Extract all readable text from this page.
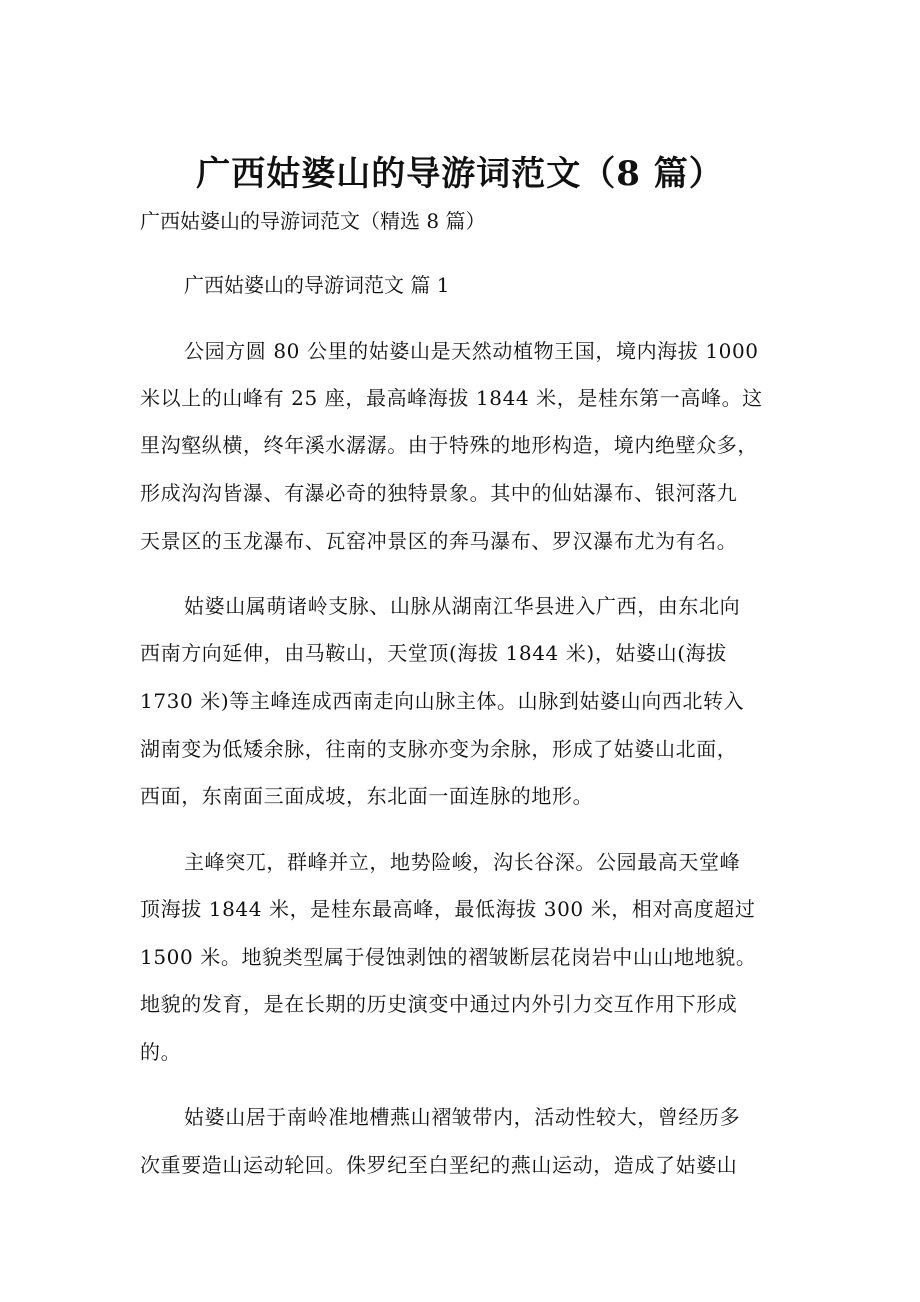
广西姑婆山的导游词范文（8 篇）

广西姑婆山的导游词范文（精选 8 篇）

广西姑婆山的导游词范文 篇 1

公园方圆 80 公里的姑婆山是天然动植物王国，境内海拔 1000

米以上的山峰有 25 座，最高峰海拔 1844 米，是桂东第一高峰。这

里沟壑纵横，终年溪水潺潺。由于特殊的地形构造，境内绝壁众多，

形成沟沟皆瀑、有瀑必奇的独特景象。其中的仙姑瀑布、银河落九

天景区的玉龙瀑布、瓦窑冲景区的奔马瀑布、罗汉瀑布尤为有名。

姑婆山属萌诸岭支脉、山脉从湖南江华县进入广西，由东北向

西南方向延伸，由马鞍山，天堂顶(海拔 1844 米)，姑婆山(海拔

1730 米)等主峰连成西南走向山脉主体。山脉到姑婆山向西北转入

湖南变为低矮余脉，往南的支脉亦变为余脉，形成了姑婆山北面，

西面，东南面三面成坡，东北面一面连脉的地形。

主峰突兀，群峰并立，地势险峻，沟长谷深。公园最高天堂峰

顶海拔 1844 米，是桂东最高峰，最低海拔 300 米，相对高度超过

1500 米。地貌类型属于侵蚀剥蚀的褶皱断层花岗岩中山山地地貌。

地貌的发育，是在长期的历史演变中通过内外引力交互作用下形成

的。

姑婆山居于南岭准地槽燕山褶皱带内，活动性较大，曾经历多

次重要造山运动轮回。侏罗纪至白垩纪的燕山运动，造成了姑婆山
